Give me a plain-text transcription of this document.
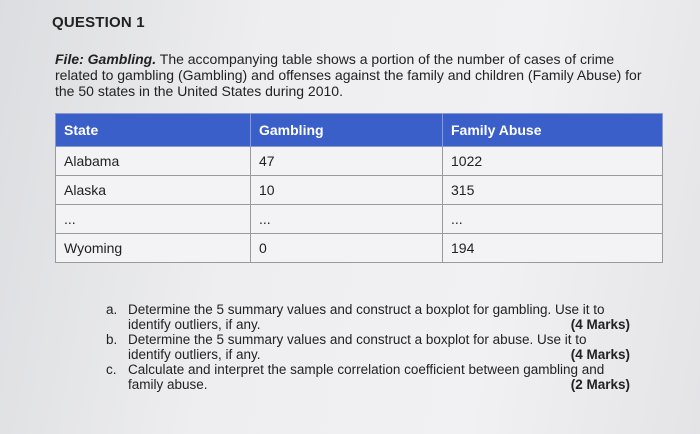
QUESTION 1
File: Gambling. The accompanying table shows a portion of the number of cases of crime related to gambling (Gambling) and offenses against the family and children (Family Abuse) for the 50 states in the United States during 2010.
State	Gambling	Family Abuse
Alabama	47	1022
Alaska	10	315
...	...	...
Wyoming	0	194
a. Determine the 5 summary values and construct a boxplot for gambling. Use it to
identify outliers, if any.	(4 Marks)
b. Determine the 5 summary values and construct a boxplot for abuse. Use it to
identify outliers, if any.	(4 Marks)
c. Calculate and interpret the sample correlation coefficient between gambling and
family abuse.	(2 Marks)
